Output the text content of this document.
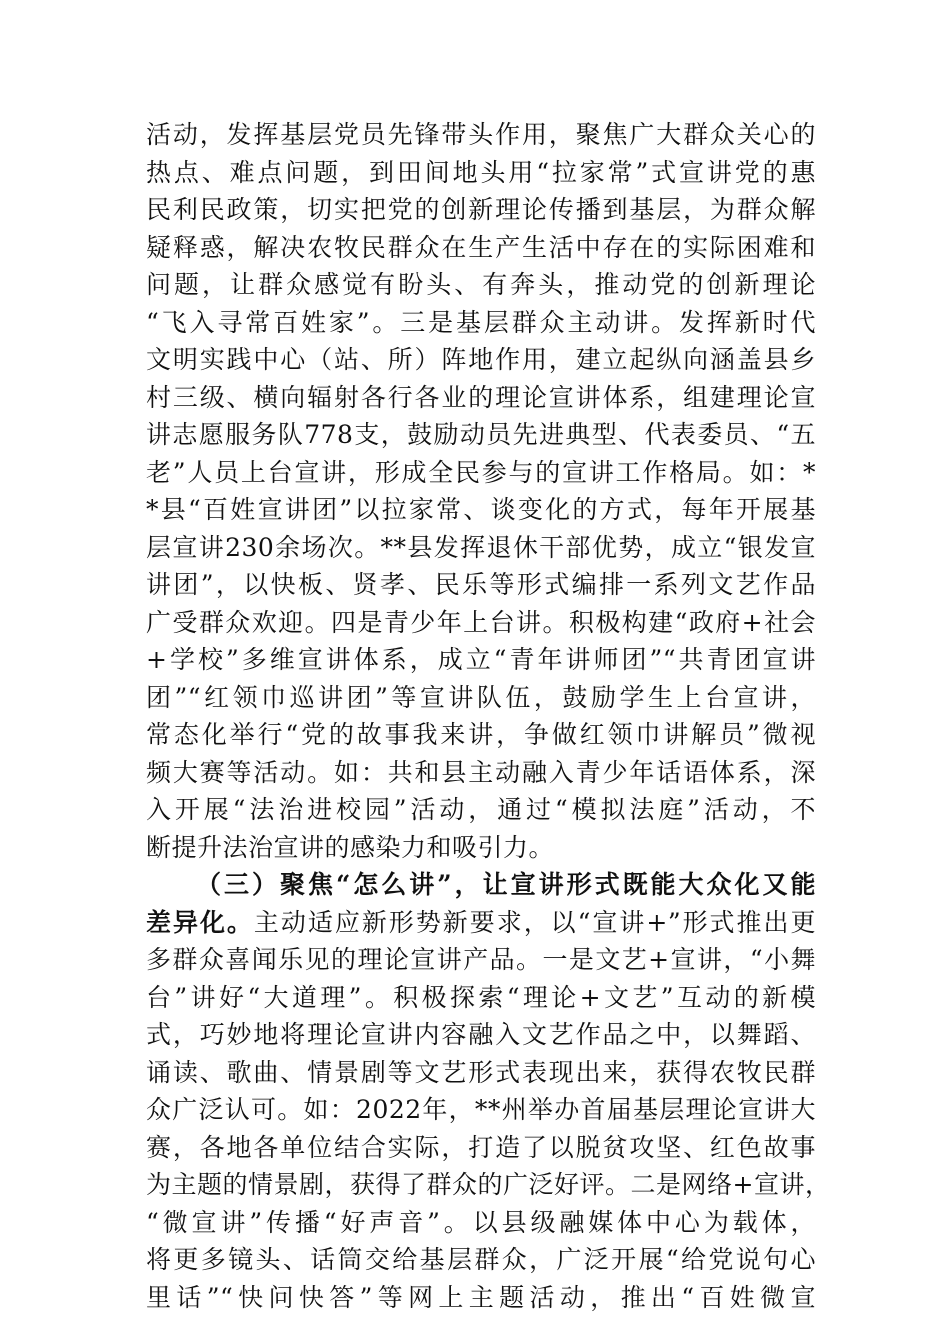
活动，发挥基层党员先锋带头作用，聚焦广大群众关心的
热点、难点问题，到田间地头用“拉家常”式宣讲党的惠
民利民政策，切实把党的创新理论传播到基层，为群众解
疑释惑，解决农牧民群众在生产生活中存在的实际困难和
问题，让群众感觉有盼头、有奔头，推动党的创新理论
“飞入寻常百姓家”。三是基层群众主动讲。发挥新时代
文明实践中心（站、所）阵地作用，建立起纵向涵盖县乡
村三级、横向辐射各行各业的理论宣讲体系，组建理论宣
讲志愿服务队778支，鼓励动员先进典型、代表委员、“五
老”人员上台宣讲，形成全民参与的宣讲工作格局。如：*
*县“百姓宣讲团”以拉家常、谈变化的方式，每年开展基
层宣讲230余场次。**县发挥退休干部优势，成立“银发宣
讲团”，以快板、贤孝、民乐等形式编排一系列文艺作品
广受群众欢迎。四是青少年上台讲。积极构建“政府+社会
+学校”多维宣讲体系，成立“青年讲师团”“共青团宣讲
团”“红领巾巡讲团”等宣讲队伍，鼓励学生上台宣讲，
常态化举行“党的故事我来讲，争做红领巾讲解员”微视
频大赛等活动。如：共和县主动融入青少年话语体系，深
入开展“法治进校园”活动，通过“模拟法庭”活动，不
断提升法治宣讲的感染力和吸引力。
（三）聚焦“怎么讲”，让宣讲形式既能大众化又能
差异化。主动适应新形势新要求，以“宣讲+”形式推出更
多群众喜闻乐见的理论宣讲产品。一是文艺+宣讲，“小舞
台”讲好“大道理”。积极探索“理论+文艺”互动的新模
式，巧妙地将理论宣讲内容融入文艺作品之中，以舞蹈、
诵读、歌曲、情景剧等文艺形式表现出来，获得农牧民群
众广泛认可。如：2022年，**州举办首届基层理论宣讲大
赛，各地各单位结合实际，打造了以脱贫攻坚、红色故事
为主题的情景剧，获得了群众的广泛好评。二是网络+宣讲，
“微宣讲”传播“好声音”。以县级融媒体中心为载体，
将更多镜头、话筒交给基层群众，广泛开展“给党说句心
里话”“快问快答”等网上主题活动，推出“百姓微宣
